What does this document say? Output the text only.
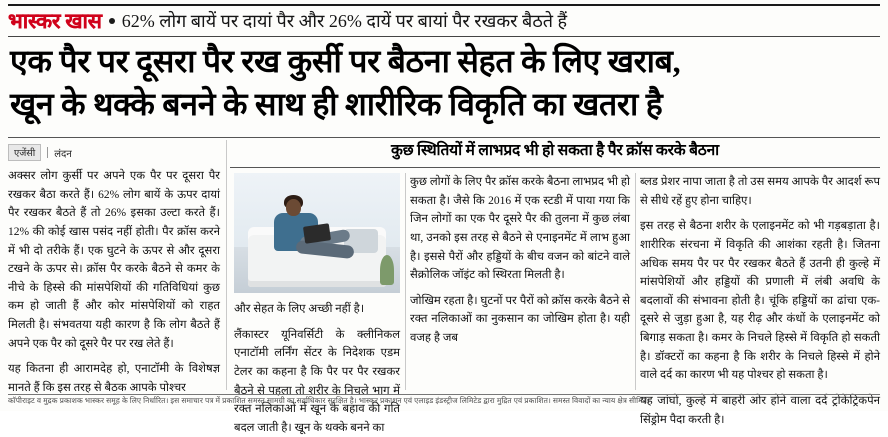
भास्कर खास 62% लोग बायें पर दायां पैर और 26% दायें पर बायां पैर रखकर बैठते हैं
एक पैर पर दूसरा पैर रख कुर्सी पर बैठना सेहत के लिए खराब,
खून के थक्के बनने के साथ ही शारीरिक विकृति का खतरा है
एजेंसी	लंदन

अक्सर लोग कुर्सी पर अपने एक पैर पर दूसरा पैर रखकर बैठा करते हैं। 62% लोग बायें के ऊपर दायां पैर रखकर बैठते हैं तो 26% इसका उल्टा करते हैं। 12% की कोई खास पसंद नहीं होती। पैर क्रॉस करने में भी दो तरीके हैं। एक घुटने के ऊपर से और दूसरा टखने के ऊपर से। क्रॉस पैर करके बैठने से कमर के नीचे के हिस्से की मांसपेशियों की गतिविधियां कुछ कम हो जाती हैं और कोर मांसपेशियों को राहत मिलती है। संभवतया यही कारण है कि लोग बैठते हैं अपने एक पैर को दूसरे पैर पर रख लेते हैं।

यह कितना ही आरामदेह हो, एनाटॉमी के विशेषज्ञ मानते हैं कि इस तरह से बैठक आपके पोश्चर

कुछ स्थितियों में लाभप्रद भी हो सकता है पैर क्रॉस करके बैठना

और सेहत के लिए अच्छी नहीं है।

लैंकास्टर यूनिवर्सिटी के क्लीनिकल एनाटॉमी लर्निंग सेंटर के निदेशक एडम टेलर का कहना है कि पैर पर पैर रखकर बैठने से पहला तो शरीर के निचले भाग में रक्त नलिकाओं में खून के बहाव की गति बदल जाती है। खून के थक्के बनने का

कुछ लोगों के लिए पैर क्रॉस करके बैठना लाभप्रद भी हो सकता है। जैसे कि 2016 में एक स्टडी में पाया गया कि जिन लोगों का एक पैर दूसरे पैर की तुलना में कुछ लंबा था, उनको इस तरह से बैठने से एनाइनमेंट में लाभ हुआ है। इससे पैरों और हड्डियों के बीच वजन को बांटने वाले सैक्रोलिक जॉइंट को स्थिरता मिलती है।

जोखिम रहता है। घुटनों पर पैरों को क्रॉस करके बैठने से रक्त नलिकाओं का नुकसान का जोखिम होता है। यही वजह है जब

ब्लड प्रेशर नापा जाता है तो उस समय आपके पैर आदर्श रूप से सीधे रहें हुए होना चाहिए।

इस तरह से बैठना शरीर के एलाइनमेंट को भी गड़बड़ाता है। शारीरिक संरचना में विकृति की आशंका रहती है। जितना अधिक समय पैर पर पैर रखकर बैठते हैं उतनी ही कुल्हे में मांसपेशियों और हड्डियों की प्रणाली में लंबी अवधि के बदलावों की संभावना होती है। चूंकि हड्डियों का ढांचा एक-दूसरे से जुड़ा हुआ है, यह रीढ़ और कंधों के एलाइनमेंट को बिगाड़ सकता है। कमर के निचले हिस्से में विकृति हो सकती है। डॉक्टरों का कहना है कि शरीर के निचले हिस्से में होने वाले दर्द का कारण भी यह पोश्चर हो सकता है।

यह जांघों, कुल्हे में बाहरी ओर होने वाला दर्द ट्रोकेंट्रिकपेन सिंड्रोम पैदा करती है।

कॉपीराइट व मुद्रक प्रकाशक भास्कर समूह के लिए निर्धारित। इस समाचार पत्र में प्रकाशित समस्त सामग्री का सर्वाधिकार सुरक्षित है। भास्कर प्रकाशन एवं एलाइड इंडस्ट्रीज लिमिटेड द्वारा मुद्रित एवं प्रकाशित। समस्त विवादों का न्याय क्षेत्र सीमित।
